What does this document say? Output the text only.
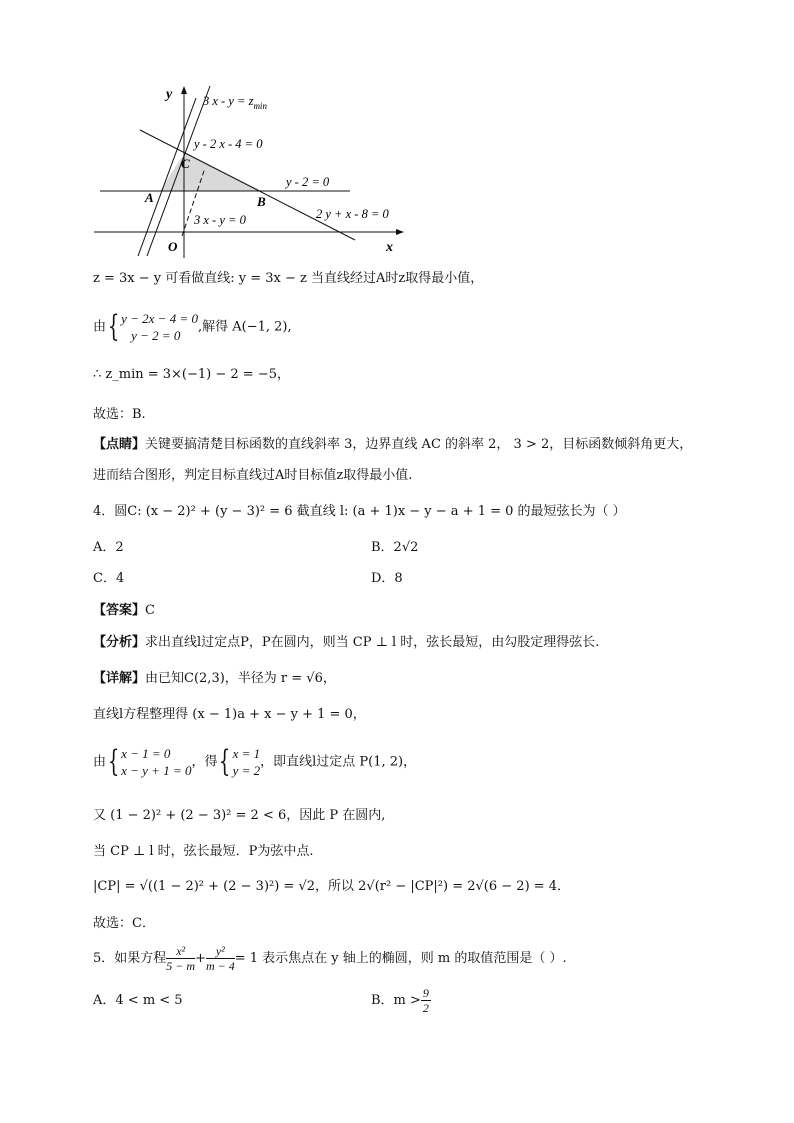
y
x
O
A	B
C
3 $x - y = z_{min}$
y - 2 x - 4 = 0
y - 2 = 0
2 y + x - 8 = 0
3 x - y = 0
z = 3x − y 可看做直线: y = 3x − z 当直线经过A时z取得最小值，
由{ y − 2x − 4 = 0
y − 2 = 0
,解得 A(−1, 2),
∴ z_min = 3×(−1) − 2 = −5，
故选：B.
【点睛】关键要搞清楚目标函数的直线斜率 3，边界直线 AC 的斜率 2， 3 > 2，目标函数倾斜角更大，
进而结合图形，判定目标直线过A时目标值z取得最小值.
4．圆C: (x − 2)² + (y − 3)² = 6 截直线 l: (a + 1)x − y − a + 1 = 0 的最短弦长为（ ）
A．2	B．2√2
C．4	D．8
【答案】C
【分析】求出直线l过定点P，P在圆内，则当 CP ⊥ l 时，弦长最短，由勾股定理得弦长.
【详解】由已知C(2,3)，半径为 r = √6，
直线l方程整理得 (x − 1)a + x − y + 1 = 0，
由{ x − 1 = 0
x − y + 1 = 0
，得{ x = 1
y = 2
，即直线l过定点 P(1, 2)，
又 (1 − 2)² + (2 − 3)² = 2 < 6，因此 P 在圆内,
当 CP ⊥ l 时，弦长最短．P为弦中点.
|CP| = √((1 − 2)² + (2 − 3)²) = √2，所以 2√(r² − |CP|²) = 2√(6 − 2) = 4．
故选：C．
5．如果方程 $\frac{\text{x²}}{5 - m} + \frac{\text{y²}}{m - 4} = 1$ 表示焦点在 y 轴上的椭圆，则 m 的取值范围是（ ）.
A．4 < m < 5	B．$m > \frac{9}{2}$
